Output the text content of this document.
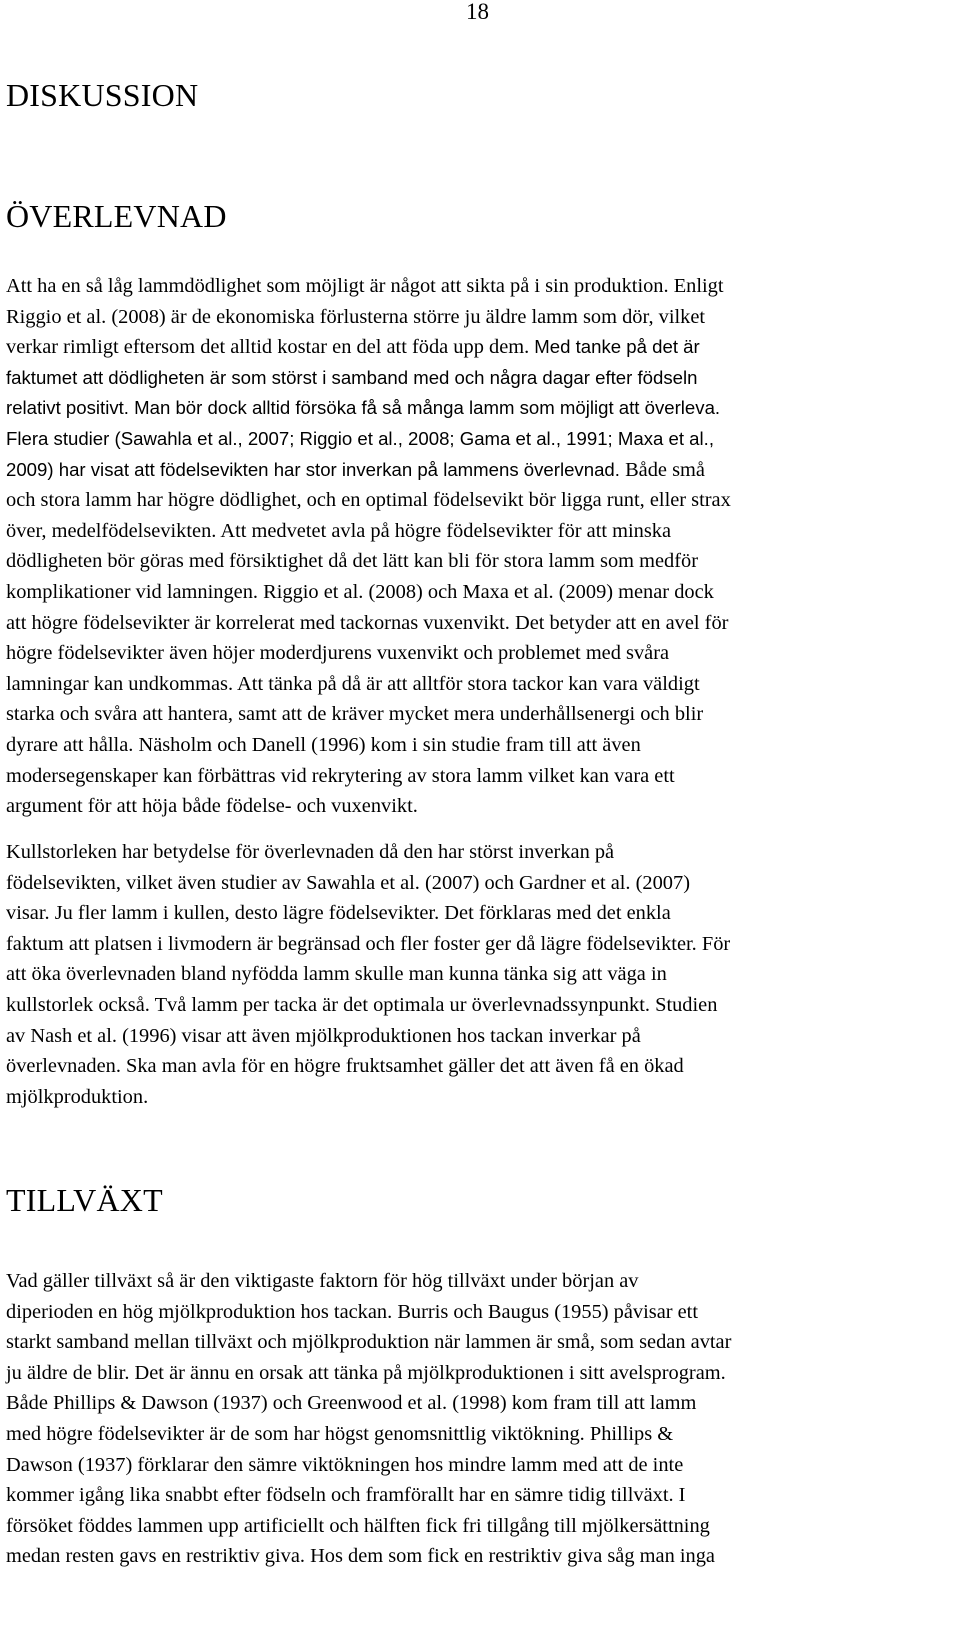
18
DISKUSSION
ÖVERLEVNAD

Att ha en så låg lammdödlighet som möjligt är något att sikta på i sin produktion. Enligt
Riggio et al. (2008) är de ekonomiska förlusterna större ju äldre lamm som dör, vilket
verkar rimligt eftersom det alltid kostar en del att föda upp dem. Med tanke på det är
faktumet att dödligheten är som störst i samband med och några dagar efter födseln
relativt positivt. Man bör dock alltid försöka få så många lamm som möjligt att överleva.
Flera studier (Sawahla et al., 2007; Riggio et al., 2008; Gama et al., 1991; Maxa et al.,
2009) har visat att födelsevikten har stor inverkan på lammens överlevnad. Både små
och stora lamm har högre dödlighet, och en optimal födelsevikt bör ligga runt, eller strax
över, medelfödelsevikten. Att medvetet avla på högre födelsevikter för att minska
dödligheten bör göras med försiktighet då det lätt kan bli för stora lamm som medför
komplikationer vid lamningen. Riggio et al. (2008) och Maxa et al. (2009) menar dock
att högre födelsevikter är korrelerat med tackornas vuxenvikt. Det betyder att en avel för
högre födelsevikter även höjer moderdjurens vuxenvikt och problemet med svåra
lamningar kan undkommas. Att tänka på då är att alltför stora tackor kan vara väldigt
starka och svåra att hantera, samt att de kräver mycket mera underhållsenergi och blir
dyrare att hålla. Näsholm och Danell (1996) kom i sin studie fram till att även
modersegenskaper kan förbättras vid rekrytering av stora lamm vilket kan vara ett
argument för att höja både födelse- och vuxenvikt.

Kullstorleken har betydelse för överlevnaden då den har störst inverkan på
födelsevikten, vilket även studier av Sawahla et al. (2007) och Gardner et al. (2007)
visar. Ju fler lamm i kullen, desto lägre födelsevikter. Det förklaras med det enkla
faktum att platsen i livmodern är begränsad och fler foster ger då lägre födelsevikter. För
att öka överlevnaden bland nyfödda lamm skulle man kunna tänka sig att väga in
kullstorlek också. Två lamm per tacka är det optimala ur överlevnadssynpunkt. Studien
av Nash et al. (1996) visar att även mjölkproduktionen hos tackan inverkar på
överlevnaden. Ska man avla för en högre fruktsamhet gäller det att även få en ökad
mjölkproduktion.

TILLVÄXT

Vad gäller tillväxt så är den viktigaste faktorn för hög tillväxt under början av
diperioden en hög mjölkproduktion hos tackan. Burris och Baugus (1955) påvisar ett
starkt samband mellan tillväxt och mjölkproduktion när lammen är små, som sedan avtar
ju äldre de blir. Det är ännu en orsak att tänka på mjölkproduktionen i sitt avelsprogram.
Både Phillips & Dawson (1937) och Greenwood et al. (1998) kom fram till att lamm
med högre födelsevikter är de som har högst genomsnittlig viktökning. Phillips &
Dawson (1937) förklarar den sämre viktökningen hos mindre lamm med att de inte
kommer igång lika snabbt efter födseln och framförallt har en sämre tidig tillväxt. I
försöket föddes lammen upp artificiellt och hälften fick fri tillgång till mjölkersättning
medan resten gavs en restriktiv giva. Hos dem som fick en restriktiv giva såg man inga
